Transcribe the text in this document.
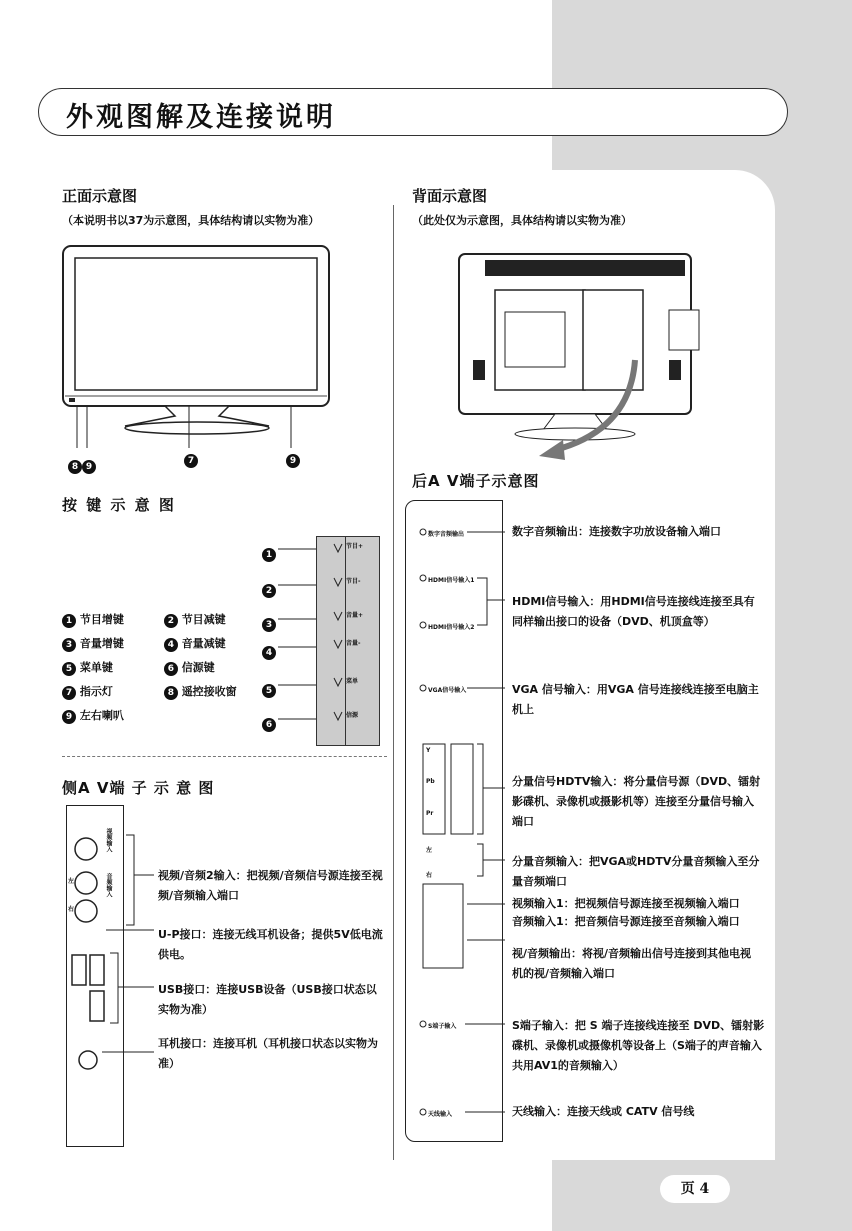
外观图解及连接说明
正面示意图
（本说明书以37为示意图，具体结构请以实物为准）
8 9
7	9
按 键 示 意 图
1 节目增键	2 节目减键
3 音量增键	4 音量减键
5 菜单键	6 信源键
7 指示灯	8 遥控接收窗
9 左右喇叭
1
2
3
4
5
6
节目+
节目-
音量+
音量-
菜单
信源
侧A V端 子 示 意 图
视频输入
音频输入
左
右
视频/音频2输入：把视频/音频信号源连接至视频/音频输入端口
U-P接口：连接无线耳机设备；提供5V低电流供电。
USB接口：连接USB设备（USB接口状态以实物为准）
耳机接口：连接耳机（耳机接口状态以实物为准）
背面示意图
（此处仅为示意图，具体结构请以实物为准）
后A V端子示意图
数字音频输出
HDMI信号输入1
HDMI信号输入2
VGA信号输入
Y
Pb
Pr
左
右
S端子输入
天线输入
数字音频输出：连接数字功放设备输入端口
HDMI信号输入：用HDMI信号连接线连接至具有同样输出接口的设备（DVD、机顶盒等）
VGA 信号输入：用VGA 信号连接线连接至电脑主机上
分量信号HDTV输入：将分量信号源（DVD、镭射影碟机、录像机或摄影机等）连接至分量信号输入端口
分量音频输入：把VGA或HDTV分量音频输入至分量音频端口
视频输入1：把视频信号源连接至视频输入端口
音频输入1：把音频信号源连接至音频输入端口
视/音频输出：将视/音频输出信号连接到其他电视机的视/音频输入端口
S端子输入：把 S 端子连接线连接至 DVD、镭射影碟机、录像机或摄像机等设备上（S端子的声音输入共用AV1的音频输入）
天线输入：连接天线或 CATV 信号线
页 4
